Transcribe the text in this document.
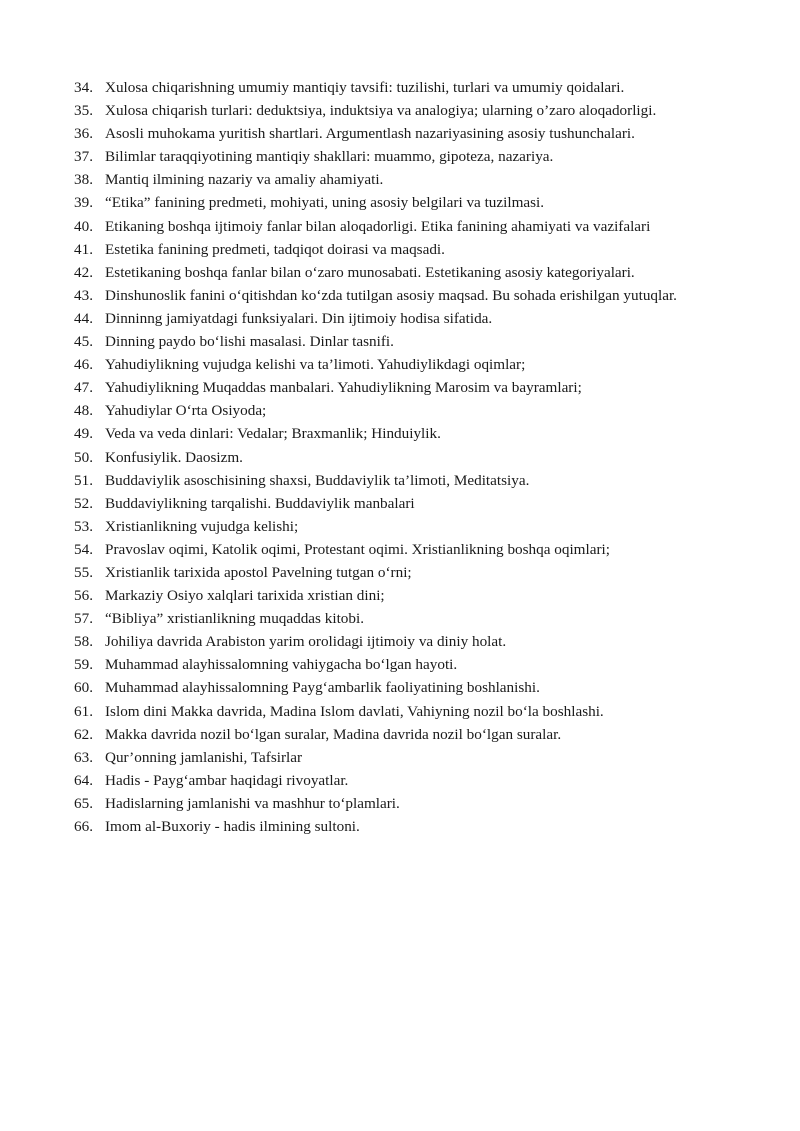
34. Xulosa chiqarishning umumiy mantiqiy tavsifi: tuzilishi, turlari va umumiy qoidalari.
35. Xulosa chiqarish turlari: deduktsiya, induktsiya va analogiya; ularning o’zaro aloqadorligi.
36. Asosli muhokama yuritish shartlari. Argumentlash nazariyasining asosiy tushunchalari.
37. Bilimlar taraqqiyotining mantiqiy shakllari: muammo, gipoteza, nazariya.
38. Mantiq ilmining nazariy va amaliy ahamiyati.
39. “Etika” fanining predmeti, mohiyati, uning asosiy belgilari va tuzilmasi.
40. Etikaning boshqa ijtimoiy fanlar bilan aloqadorligi. Etika fanining ahamiyati va vazifalari
41. Estetika fanining predmeti, tadqiqot doirasi va maqsadi.
42. Estetikaning boshqa fanlar bilan o‘zaro munosabati. Estetikaning asosiy kategoriyalari.
43. Dinshunoslik fanini o‘qitishdan ko‘zda tutilgan asosiy maqsad. Bu sohada erishilgan yutuqlar.
44. Dinninng jamiyatdagi funksiyalari. Din ijtimoiy hodisa sifatida.
45. Dinning paydo bo‘lishi masalasi. Dinlar tasnifi.
46. Yahudiylikning vujudga kelishi va ta’limoti. Yahudiylikdagi oqimlar;
47. Yahudiylikning Muqaddas manbalari. Yahudiylikning Marosim va bayramlari;
48. Yahudiylar O‘rta Osiyoda;
49. Veda va veda dinlari: Vedalar; Braxmanlik; Hinduiylik.
50. Konfusiylik. Daosizm.
51. Buddaviylik asoschisining shaxsi, Buddaviylik ta’limoti, Meditatsiya.
52. Buddaviylikning tarqalishi. Buddaviylik manbalari
53. Xristianlikning vujudga kelishi;
54. Pravoslav oqimi, Katolik oqimi, Protestant oqimi. Xristianlikning boshqa oqimlari;
55. Xristianlik tarixida apostol Pavelning tutgan o‘rni;
56. Markaziy Osiyo xalqlari tarixida xristian dini;
57. “Bibliya” xristianlikning muqaddas kitobi.
58. Johiliya davrida Arabiston yarim orolidagi ijtimoiy va diniy holat.
59. Muhammad alayhissalomning vahiygacha bo‘lgan hayoti.
60. Muhammad alayhissalomning Payg‘ambarlik faoliyatining boshlanishi.
61. Islom dini Makka davrida, Madina Islom davlati, Vahiyning nozil bo‘la boshlashi.
62. Makka davrida nozil bo‘lgan suralar, Madina davrida nozil bo‘lgan suralar.
63. Qur’onning jamlanishi, Tafsirlar
64. Hadis - Payg‘ambar haqidagi rivoyatlar.
65. Hadislarning jamlanishi va mashhur to‘plamlari.
66. Imom al-Buxoriy - hadis ilmining sultoni.
